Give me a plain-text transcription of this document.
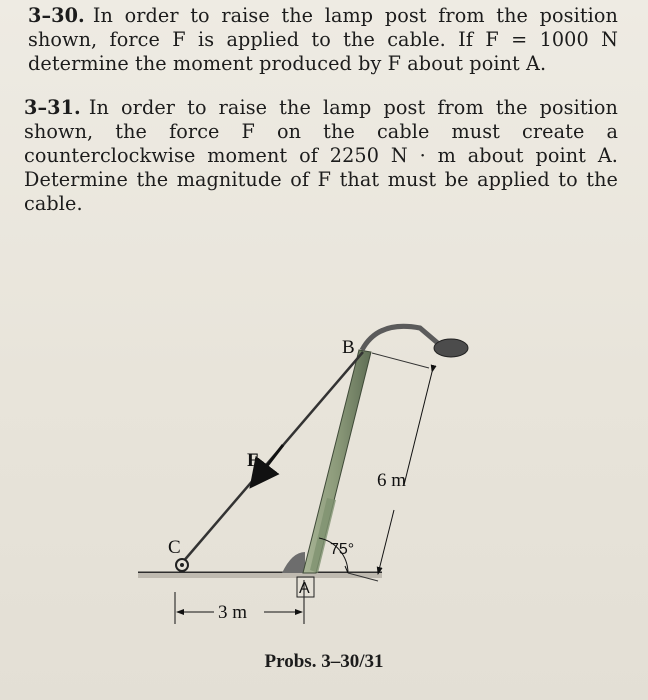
3–30. In order to raise the lamp post from the position shown, force F is applied to the cable. If F = 1000 N determine the moment produced by F about point A.
3–31. In order to raise the lamp post from the position shown, the force F on the cable must create a counterclockwise moment of 2250 N · m about point A. Determine the magnitude of F that must be applied to the cable.
B
F
C
A
75°
6 m
3 m
Probs. 3–30/31
